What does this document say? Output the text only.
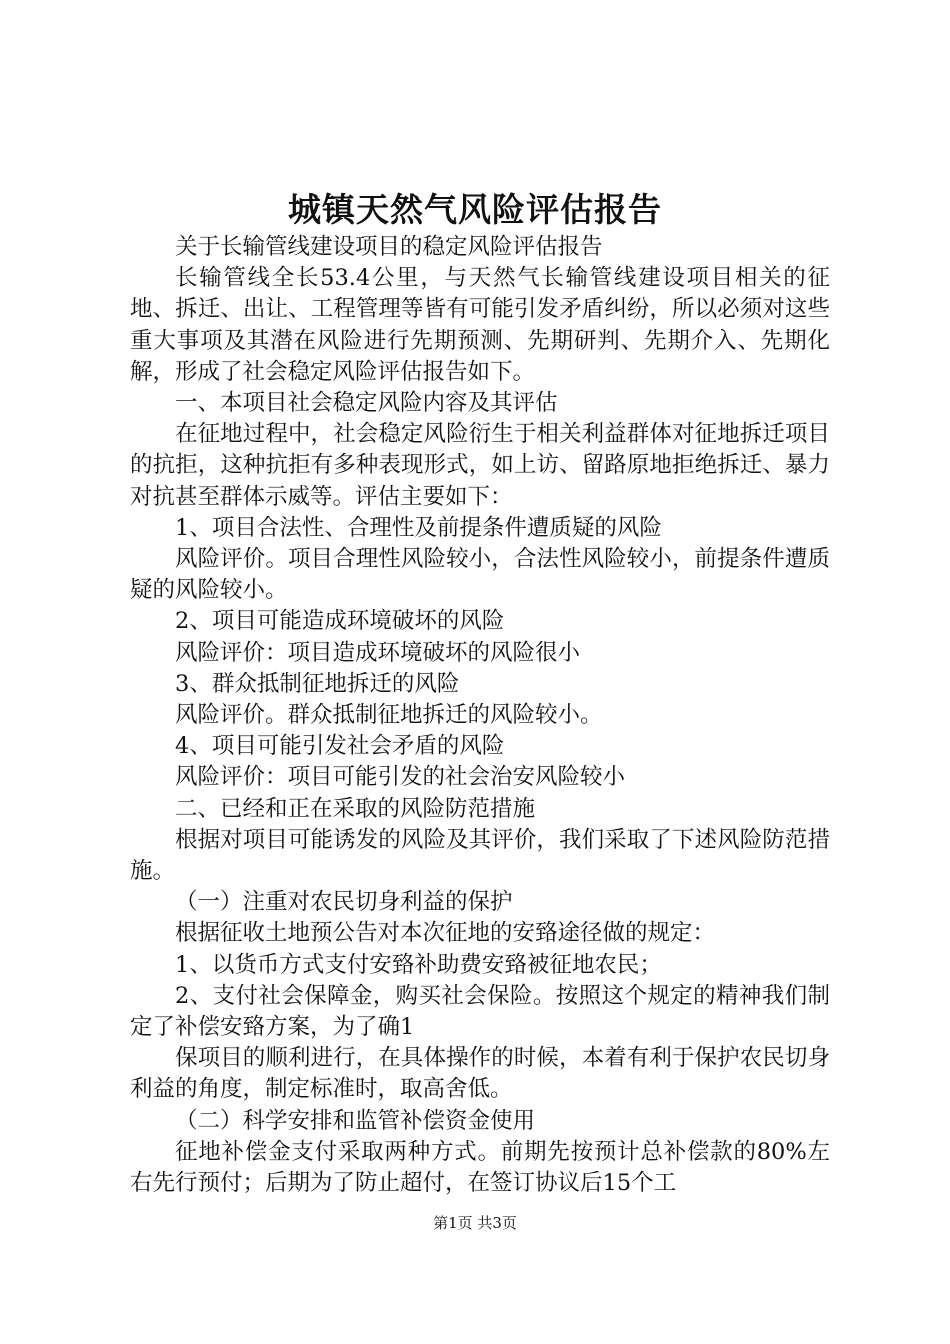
城镇天然气风险评估报告

关于长输管线建设项目的稳定风险评估报告

长输管线全长53.4公里，与天然气长输管线建设项目相关的征地、拆迁、出让、工程管理等皆有可能引发矛盾纠纷，所以必须对这些重大事项及其潜在风险进行先期预测、先期研判、先期介入、先期化解，形成了社会稳定风险评估报告如下。

一、本项目社会稳定风险内容及其评估

在征地过程中，社会稳定风险衍生于相关利益群体对征地拆迁项目的抗拒，这种抗拒有多种表现形式，如上访、留路原地拒绝拆迁、暴力对抗甚至群体示威等。评估主要如下：

1、项目合法性、合理性及前提条件遭质疑的风险

风险评价。项目合理性风险较小，合法性风险较小，前提条件遭质疑的风险较小。

2、项目可能造成环境破坏的风险

风险评价：项目造成环境破坏的风险很小

3、群众抵制征地拆迁的风险

风险评价。群众抵制征地拆迁的风险较小。

4、项目可能引发社会矛盾的风险

风险评价：项目可能引发的社会治安风险较小

二、已经和正在采取的风险防范措施

根据对项目可能诱发的风险及其评价，我们采取了下述风险防范措施。

（一）注重对农民切身利益的保护

根据征收土地预公告对本次征地的安臵途径做的规定：

1、以货币方式支付安臵补助费安臵被征地农民；

2、支付社会保障金，购买社会保险。按照这个规定的精神我们制定了补偿安臵方案，为了确1

保项目的顺利进行，在具体操作的时候，本着有利于保护农民切身利益的角度，制定标准时，取高舍低。

（二）科学安排和监管补偿资金使用

征地补偿金支付采取两种方式。前期先按预计总补偿款的80%左右先行预付；后期为了防止超付，在签订协议后15个工

第1页 共3页
